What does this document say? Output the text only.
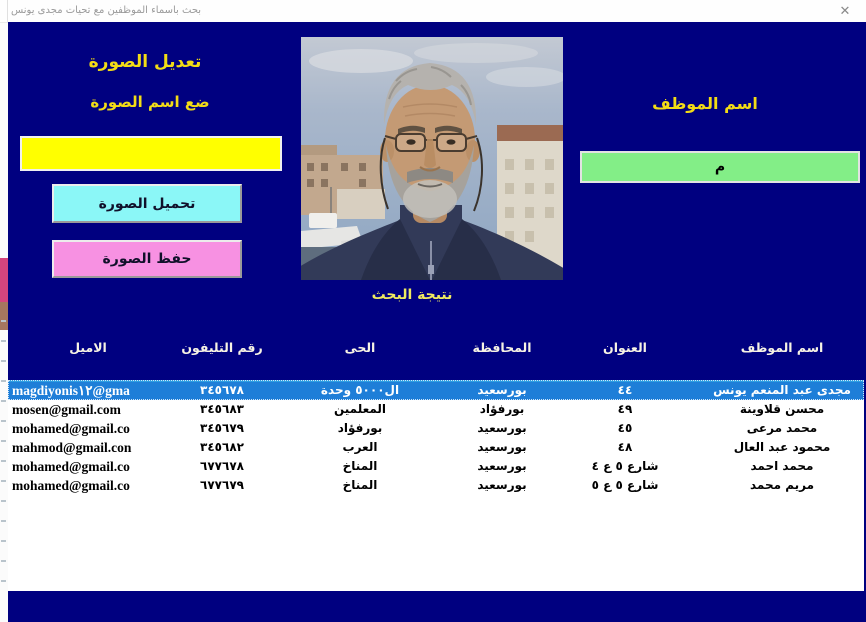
بحث باسماء الموظفين مع تحيات مجدى يونس	✕
تعديل الصورة
ضع اسم الصورة
تحميل الصورة
حفظ الصورة
اسم الموظف
م
نتيجة البحث
الاميل	رقم التليفون	الحى	المحافظة	العنوان	اسم الموظف
magdiyonis١٢@gma	٣٤٥٦٧٨	ال٥٠٠٠ وحدة	بورسعيد	٤٤	مجدى عبد المنعم يونس
mosen@gmail.com	٣٤٥٦٨٣	المعلمين	بورفؤاد	٤٩	محسن قلاوينة
mohamed@gmail.co	٣٤٥٦٧٩	بورفؤاد	بورسعيد	٤٥	محمد مرعى
mahmod@gmail.con	٣٤٥٦٨٢	العرب	بورسعيد	٤٨	محمود عبد العال
mohamed@gmail.co	٦٧٧٦٧٨	المناخ	بورسعيد	شارع ٥ ع ٤	محمد احمد
mohamed@gmail.co	٦٧٧٦٧٩	المناخ	بورسعيد	شارع ٥ ع ٥	مريم محمد
